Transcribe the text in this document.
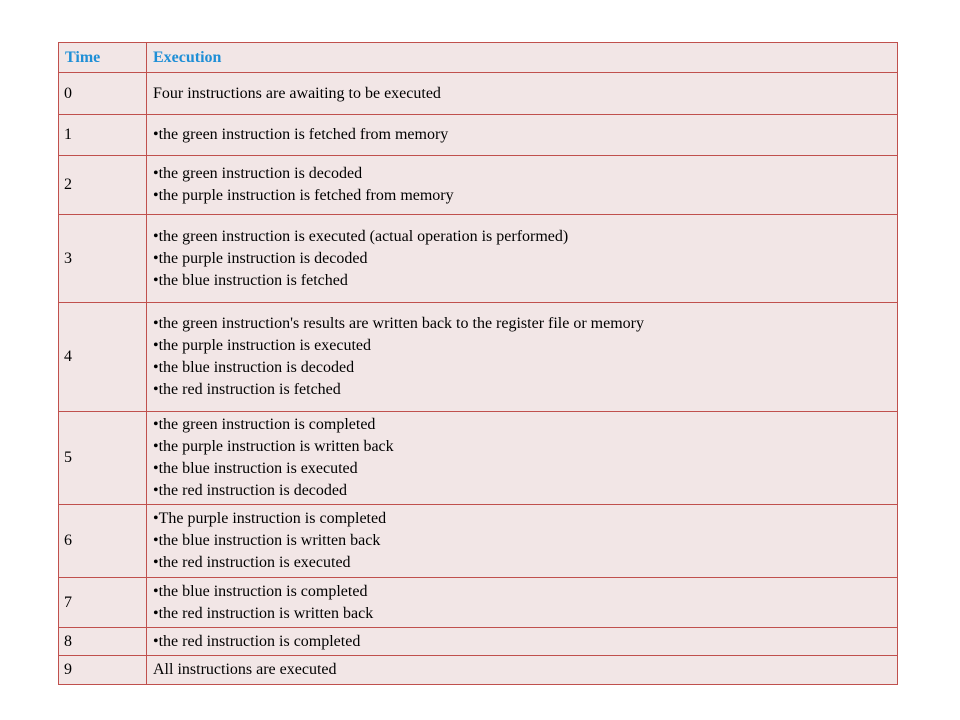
Time	Execution
0	Four instructions are awaiting to be executed

1	•the green instruction is fetched from memory

2	•the green instruction is decoded
•the purple instruction is fetched from memory

3	•the green instruction is executed (actual operation is performed)
•the purple instruction is decoded
•the blue instruction is fetched

4	•the green instruction's results are written back to the register file or memory
•the purple instruction is executed
•the blue instruction is decoded
•the red instruction is fetched

5	•the green instruction is completed
•the purple instruction is written back
•the blue instruction is executed
•the red instruction is decoded

6	•The purple instruction is completed
•the blue instruction is written back
•the red instruction is executed

7	•the blue instruction is completed
•the red instruction is written back

8	•the red instruction is completed

9	All instructions are executed
